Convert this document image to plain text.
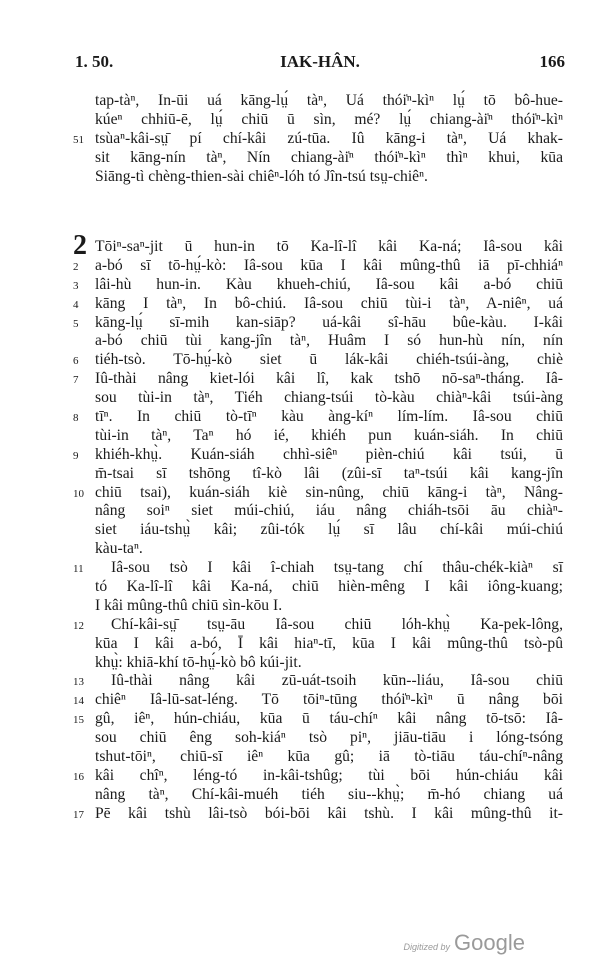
1. 50.	IAK-HÂN.	166
tap-tàⁿ, In-ūi uá kāng-lṳ́ tàⁿ, Uá thói̍ⁿ-kìⁿ lṳ́ tō bô-hue-
kúeⁿ chhiū-ē, lṳ́ chiū ū sìn, mé? lṳ́ chiang-ài̍ⁿ thói̍ⁿ-kìⁿ
51 tsùaⁿ-kâi-sṳ̄ pí chí-kâi zú-tūa. Iû kāng-i tàⁿ, Uá khak-
sit kāng-nín tàⁿ, Nín chiang-ài̍ⁿ thói̍ⁿ-kìⁿ thìⁿ khui, kūa
Siāng-tì chèng-thien-sài chiêⁿ-lóh tó Jîn-tsú tsṳ-chiêⁿ.
2 Tōiⁿ-saⁿ-jit ū hun-in tō Ka-lî-lî kâi Ka-ná; Iâ-sou kâi
2	a-bó sī tō-hṳ́-kò: Iâ-sou kūa I kâi mûng-thû iā pī-chhiáⁿ
3	lâi-hù hun-in. Kàu khueh-chiú, Iâ-sou kâi a-bó chiū
4	kāng I tàⁿ, In bô-chiú. Iâ-sou chiū tùi-i tàⁿ, A-niêⁿ, uá
5	kāng-lṳ́ sī-mih kan-siāp? uá-kâi sî-hāu bûe-kàu. I-kâi
a-bó chiū tùi kang-jîn tàⁿ, Huâm I só hun-hù nín, nín
6	tiéh-tsò. Tō-hṳ́-kò siet ū lák-kâi chiéh-tsúi-àng, chiè
7	Iû-thài nâng kiet-lói kâi lî, kak tshō nō-saⁿ-tháng. Iâ-
sou tùi-in tàⁿ, Tiéh chiang-tsúi tò-kàu chiàⁿ-kâi tsúi-àng
8	tīⁿ. In chiū tò-tīⁿ kàu àng-kíⁿ lím-lím. Iâ-sou chiū
tùi-in tàⁿ, Taⁿ hó ié, khiéh pun kuán-siáh. In chiū
9	khiéh-khṳ̀. Kuán-siáh chhì-siêⁿ pièn-chiú kâi tsúi, ū
m̄-tsai sī tshōng tî-kò lâi (zûi-sī taⁿ-tsúi kâi kang-jîn
10 chiū tsai), kuán-siáh kiè sin-nûng, chiū kāng-i tàⁿ, Nâng-
nâng soiⁿ siet múi-chiú, iáu nâng chiáh-tsōi āu chiàⁿ-
siet iáu-tshṳ̀ kâi; zûi-tók lṳ́ sī lâu chí-kâi múi-chiú
kàu-taⁿ.
11	Iâ-sou tsò I kâi î-chiah tsṳ-tang chí thâu-chék-kiàⁿ sī
tó Ka-lî-lî kâi Ka-ná, chiū hièn-mêng I kâi iông-kuang;
I kâi mûng-thû chiū sìn-kōu I.
12	Chí-kâi-sṳ̄ tsṳ-āu Iâ-sou chiū lóh-khṳ̀ Ka-pek-lông,
kūa I kâi a-bó, Ī kâi hiaⁿ-tī, kūa I kâi mûng-thû tsò-pû
khṳ̀: khiā-khí tō-hṳ́-kò bô kúi-jit.
13	Iû-thài nâng kâi zū-uát-tsoih kūn--liáu, Iâ-sou chiū
14 chiêⁿ Iâ-lū-sat-léng. Tō tōiⁿ-tūng thói̍ⁿ-kìⁿ ū nâng bōi
15 gû, iêⁿ, hún-chiáu, kūa ū táu-chíⁿ kâi nâng tō-tsō: Iâ-
sou chiū êng soh-kiáⁿ tsò piⁿ, jiāu-tiāu i lóng-tsóng
tshut-tōiⁿ, chiū-sī iêⁿ kūa gû; iā tò-tiāu táu-chíⁿ-nâng
16 kâi chîⁿ, léng-tó in-kâi-tshûg; tùi bōi hún-chiáu kâi
nâng tàⁿ, Chí-kâi-muéh tiéh siu--khṳ̀; m̄-hó chiang uá
17 Pē kâi tshù lâi-tsò bói-bōi kâi tshù. I kâi mûng-thû it-
Digitized by Google
